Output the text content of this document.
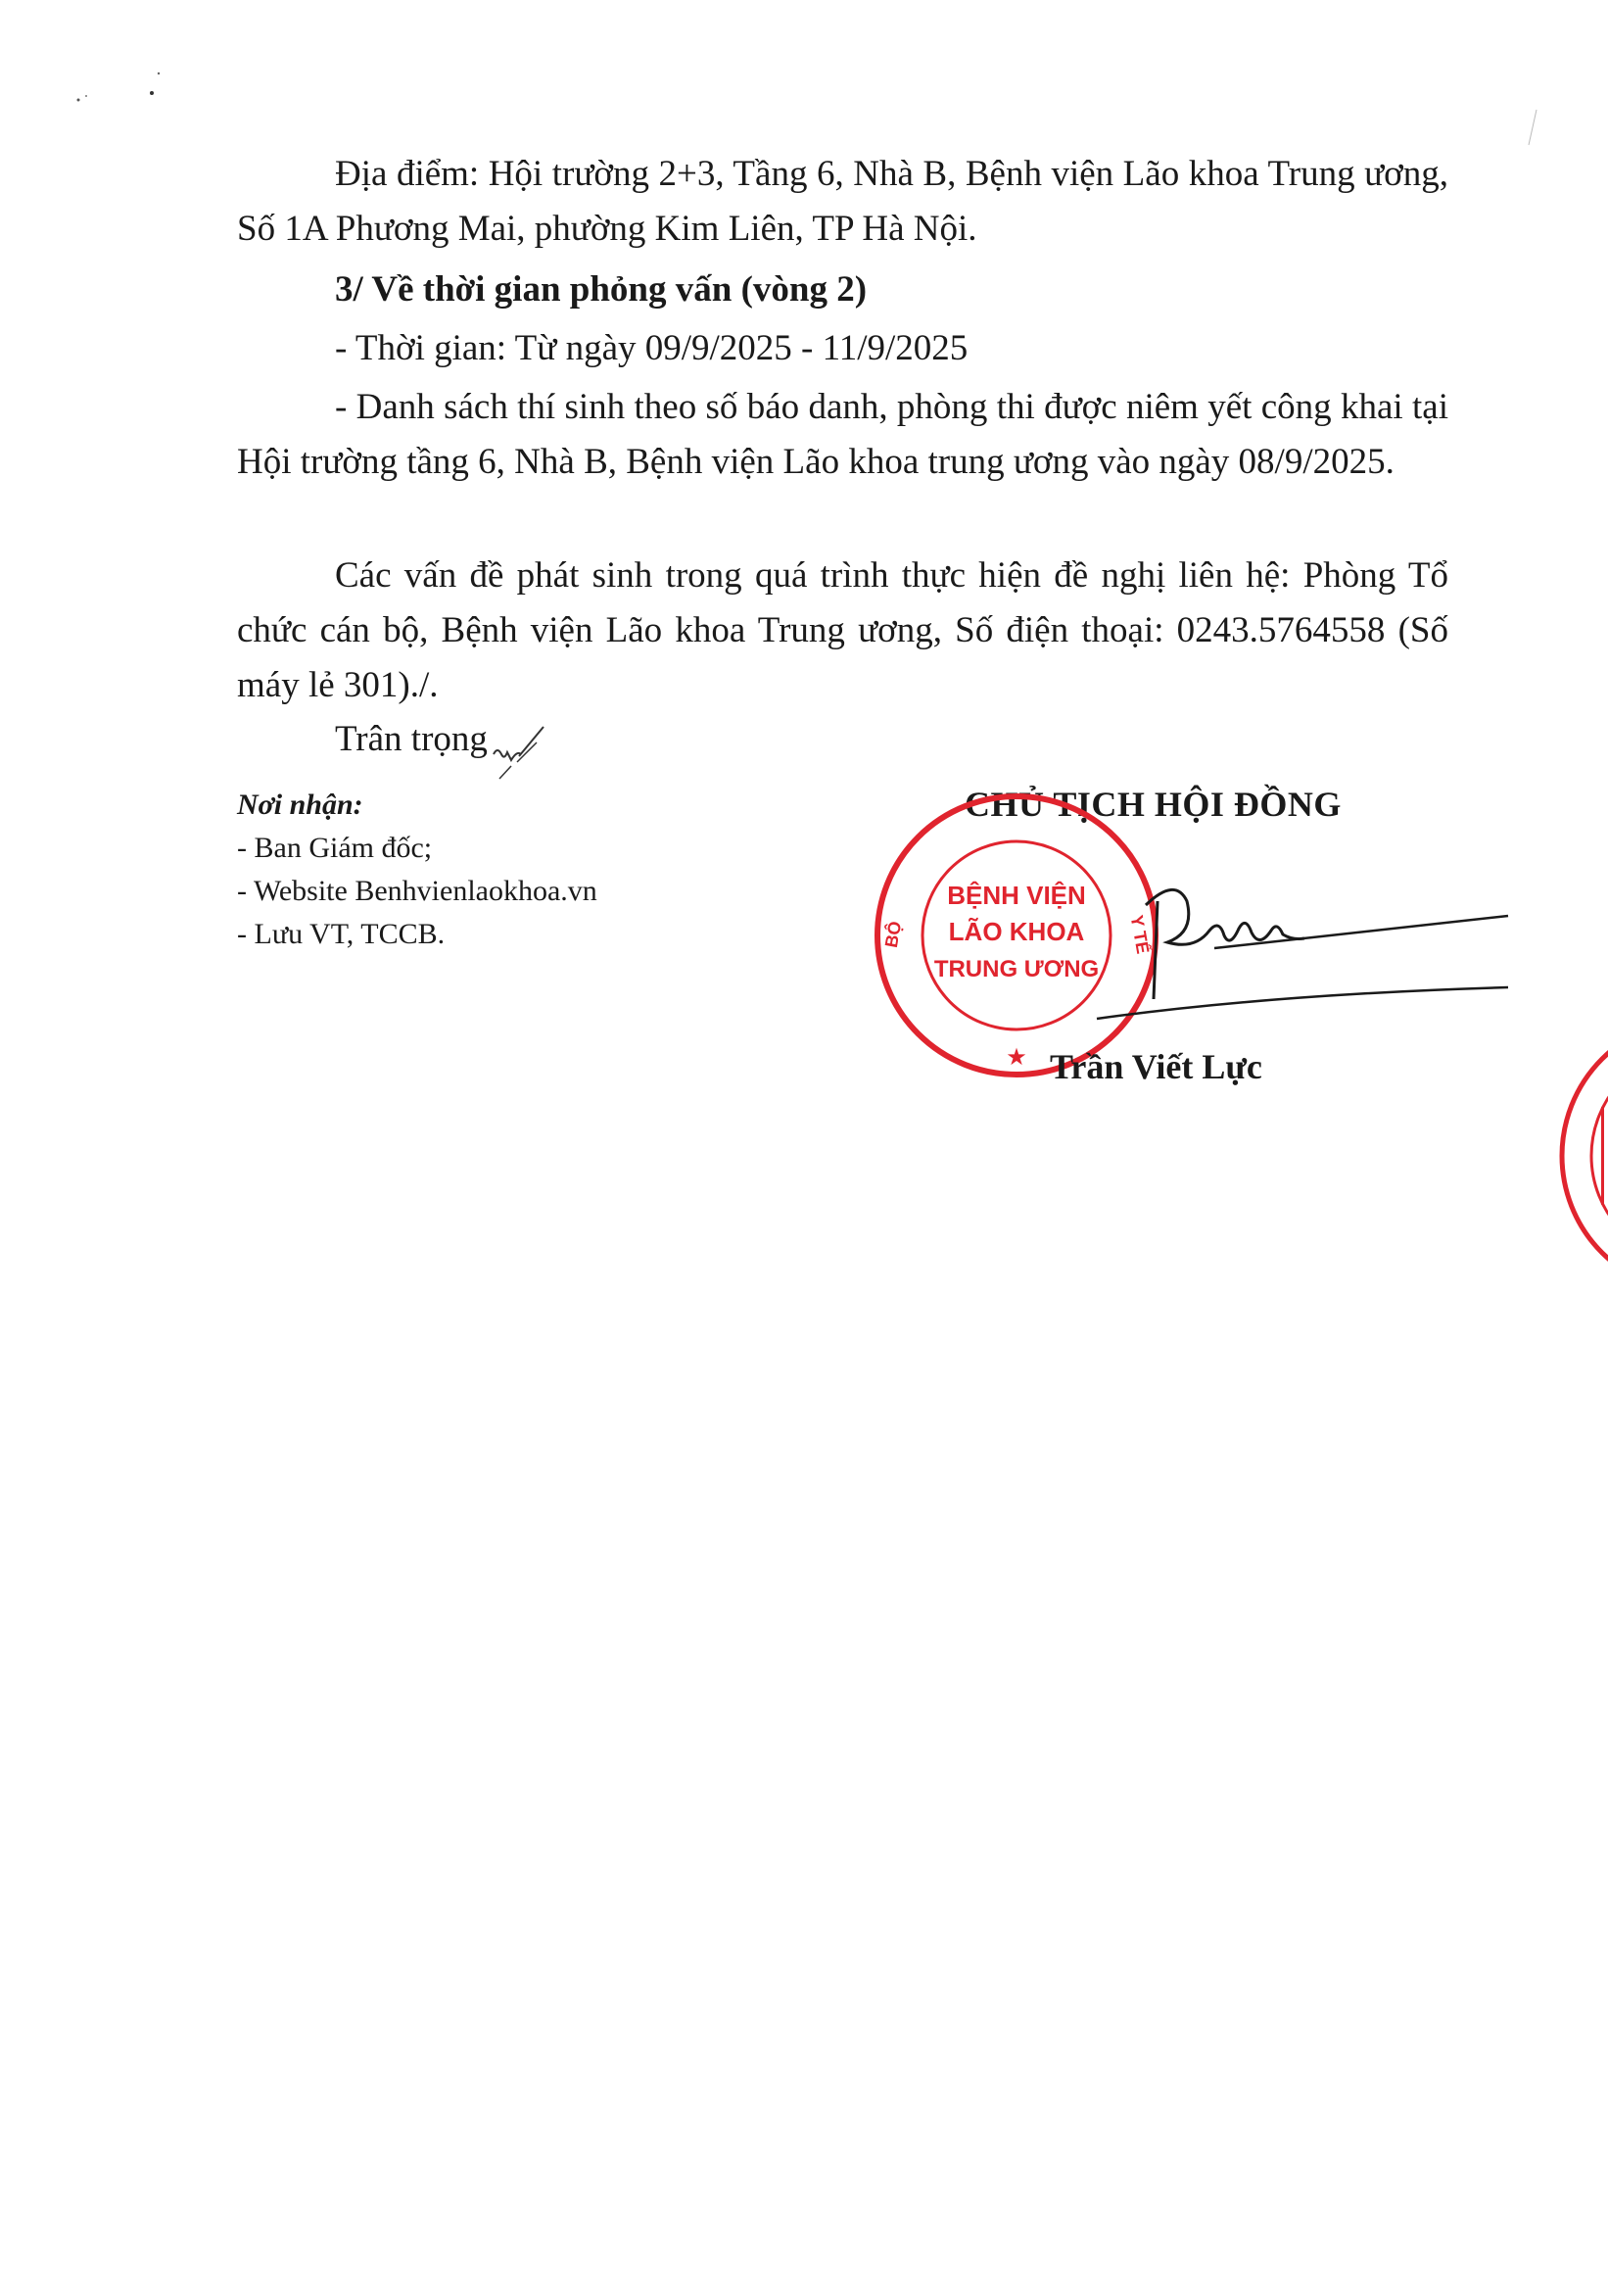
Địa điểm: Hội trường 2+3, Tầng 6, Nhà B, Bệnh viện Lão khoa Trung ương, Số 1A Phương Mai, phường Kim Liên, TP Hà Nội.
3/ Về thời gian phỏng vấn (vòng 2)
- Thời gian: Từ ngày 09/9/2025 - 11/9/2025
- Danh sách thí sinh theo số báo danh, phòng thi được niêm yết công khai tại Hội trường tầng 6, Nhà B, Bệnh viện Lão khoa trung ương vào ngày 08/9/2025.
Các vấn đề phát sinh trong quá trình thực hiện đề nghị liên hệ: Phòng Tổ chức cán bộ, Bệnh viện Lão khoa Trung ương, Số điện thoại: 0243.5764558 (Số máy lẻ 301)./.
Trân trọng
Nơi nhận:
- Ban Giám đốc;
- Website Benhvienlaokhoa.vn
- Lưu VT, TCCB.
CHỦ TỊCH HỘI ĐỒNG
BỆNH VIỆN
LÃO KHOA
TRUNG ƯƠNG
BỘ	Y TẾ
★ Trần Viết Lực
